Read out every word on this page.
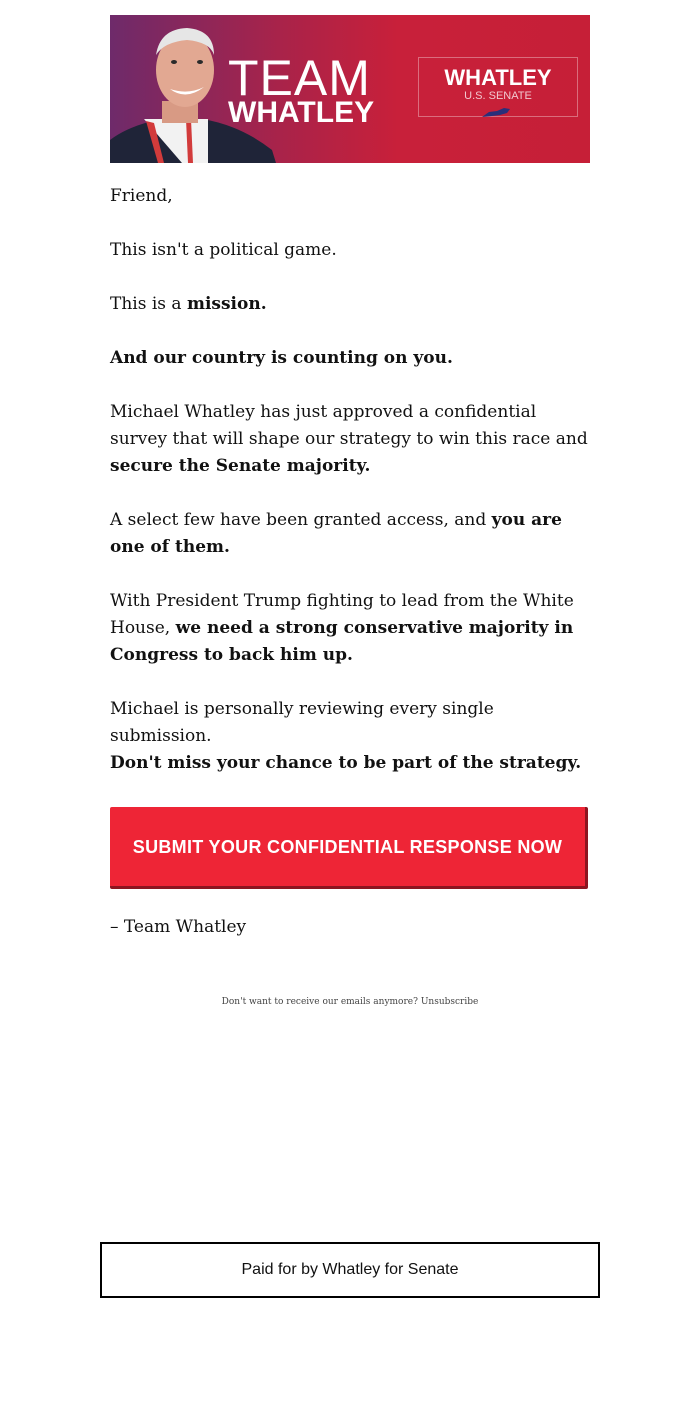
TEAM
WHATLEY
WHATLEY
U.S. SENATE
Friend,
This isn't a political game.
This is a mission.
And our country is counting on you.
Michael Whatley has just approved a confidential survey that will shape our strategy to win this race and secure the Senate majority.
A select few have been granted access, and you are one of them.
With President Trump fighting to lead from the White House, we need a strong conservative majority in Congress to back him up.
Michael is personally reviewing every single submission.
Don't miss your chance to be part of the strategy.
SUBMIT YOUR CONFIDENTIAL RESPONSE NOW
– Team Whatley
Don't want to receive our emails anymore? Unsubscribe
Paid for by Whatley for Senate
